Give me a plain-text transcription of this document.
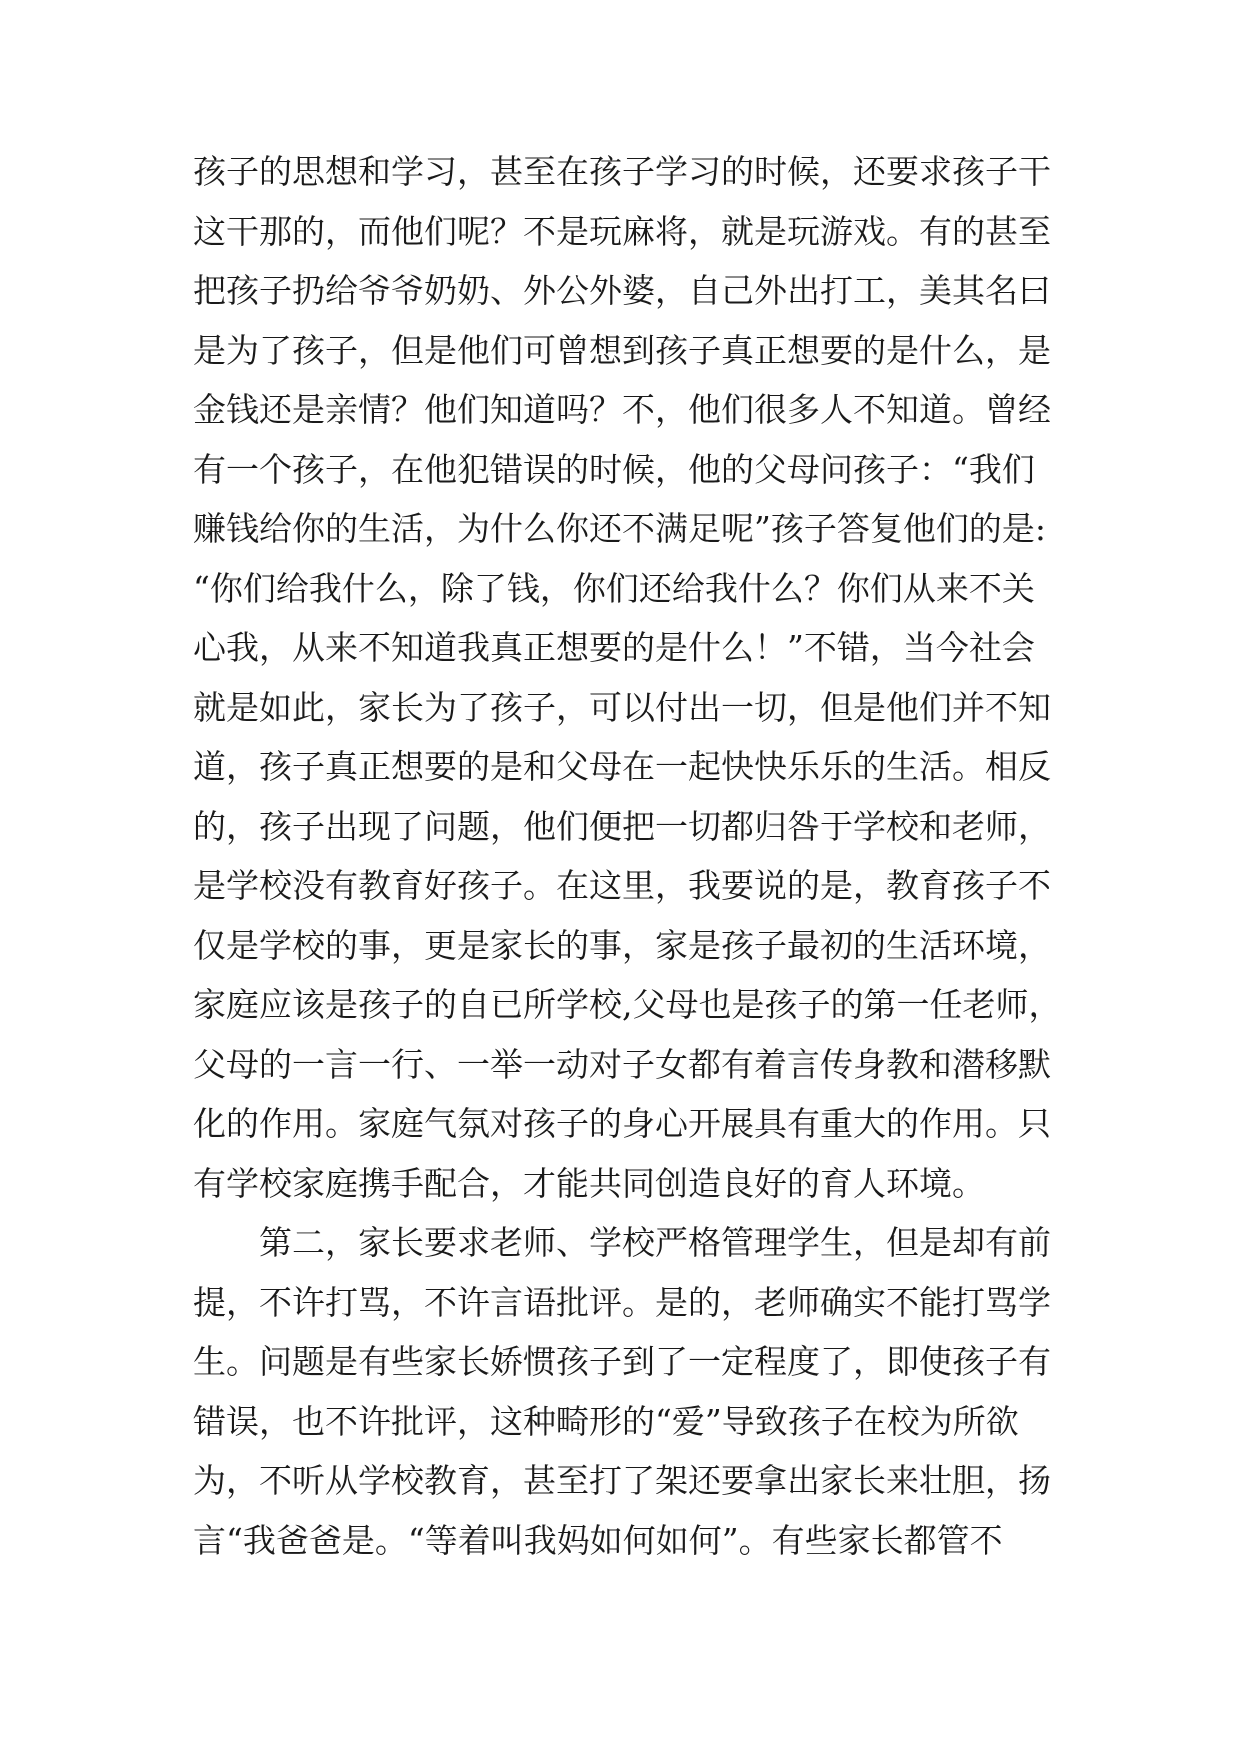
孩子的思想和学习，甚至在孩子学习的时候，还要求孩子干
这干那的，而他们呢？不是玩麻将，就是玩游戏。有的甚至
把孩子扔给爷爷奶奶、外公外婆，自己外出打工，美其名曰
是为了孩子，但是他们可曾想到孩子真正想要的是什么，是
金钱还是亲情？他们知道吗？不，他们很多人不知道。曾经
有一个孩子，在他犯错误的时候，他的父母问孩子：“我们
赚钱给你的生活，为什么你还不满足呢”孩子答复他们的是:
“你们给我什么，除了钱，你们还给我什么？你们从来不关
心我，从来不知道我真正想要的是什么！”不错，当今社会
就是如此，家长为了孩子，可以付出一切，但是他们并不知
道，孩子真正想要的是和父母在一起快快乐乐的生活。相反
的，孩子出现了问题，他们便把一切都归咎于学校和老师，
是学校没有教育好孩子。在这里，我要说的是，教育孩子不
仅是学校的事，更是家长的事，家是孩子最初的生活环境，
家庭应该是孩子的自已所学校,父母也是孩子的第一任老师，
父母的一言一行、一举一动对子女都有着言传身教和潜移默
化的作用。家庭气氛对孩子的身心开展具有重大的作用。只
有学校家庭携手配合，才能共同创造良好的育人环境。
第二，家长要求老师、学校严格管理学生，但是却有前
提，不许打骂，不许言语批评。是的，老师确实不能打骂学
生。问题是有些家长娇惯孩子到了一定程度了，即使孩子有
错误，也不许批评，这种畸形的“爱”导致孩子在校为所欲
为，不听从学校教育，甚至打了架还要拿出家长来壮胆，扬
言“我爸爸是。“等着叫我妈如何如何”。有些家长都管不
